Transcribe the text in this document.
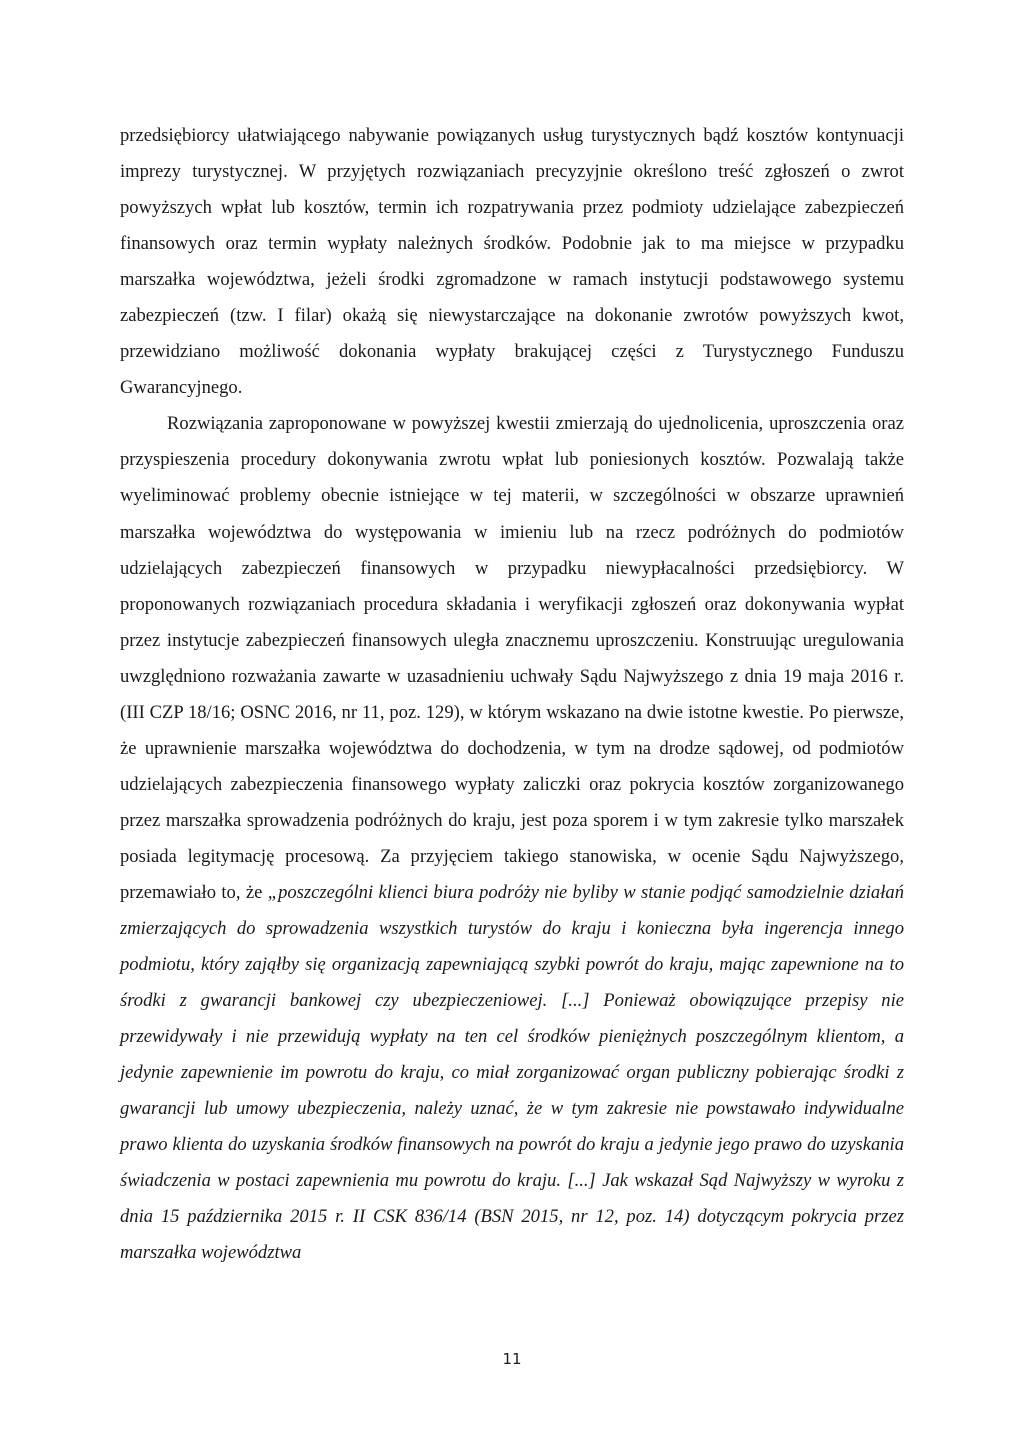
przedsiębiorcy ułatwiającego nabywanie powiązanych usług turystycznych bądź kosztów kontynuacji imprezy turystycznej. W przyjętych rozwiązaniach precyzyjnie określono treść zgłoszeń o zwrot powyższych wpłat lub kosztów, termin ich rozpatrywania przez podmioty udzielające zabezpieczeń finansowych oraz termin wypłaty należnych środków. Podobnie jak to ma miejsce w przypadku marszałka województwa, jeżeli środki zgromadzone w ramach instytucji podstawowego systemu zabezpieczeń (tzw. I filar) okażą się niewystarczające na dokonanie zwrotów powyższych kwot, przewidziano możliwość dokonania wypłaty brakującej części z Turystycznego Funduszu Gwarancyjnego.

Rozwiązania zaproponowane w powyższej kwestii zmierzają do ujednolicenia, uproszczenia oraz przyspieszenia procedury dokonywania zwrotu wpłat lub poniesionych kosztów. Pozwalają także wyeliminować problemy obecnie istniejące w tej materii, w szczególności w obszarze uprawnień marszałka województwa do występowania w imieniu lub na rzecz podróżnych do podmiotów udzielających zabezpieczeń finansowych w przypadku niewypłacalności przedsiębiorcy. W proponowanych rozwiązaniach procedura składania i weryfikacji zgłoszeń oraz dokonywania wypłat przez instytucje zabezpieczeń finansowych uległa znacznemu uproszczeniu. Konstruując uregulowania uwzględniono rozważania zawarte w uzasadnieniu uchwały Sądu Najwyższego z dnia 19 maja 2016 r. (III CZP 18/16; OSNC 2016, nr 11, poz. 129), w którym wskazano na dwie istotne kwestie. Po pierwsze, że uprawnienie marszałka województwa do dochodzenia, w tym na drodze sądowej, od podmiotów udzielających zabezpieczenia finansowego wypłaty zaliczki oraz pokrycia kosztów zorganizowanego przez marszałka sprowadzenia podróżnych do kraju, jest poza sporem i w tym zakresie tylko marszałek posiada legitymację procesową. Za przyjęciem takiego stanowiska, w ocenie Sądu Najwyższego, przemawiało to, że „poszczególni klienci biura podróży nie byliby w stanie podjąć samodzielnie działań zmierzających do sprowadzenia wszystkich turystów do kraju i konieczna była ingerencja innego podmiotu, który zająłby się organizacją zapewniającą szybki powrót do kraju, mając zapewnione na to środki z gwarancji bankowej czy ubezpieczeniowej. [...] Ponieważ obowiązujące przepisy nie przewidywały i nie przewidują wypłaty na ten cel środków pieniężnych poszczególnym klientom, a jedynie zapewnienie im powrotu do kraju, co miał zorganizować organ publiczny pobierając środki z gwarancji lub umowy ubezpieczenia, należy uznać, że w tym zakresie nie powstawało indywidualne prawo klienta do uzyskania środków finansowych na powrót do kraju a jedynie jego prawo do uzyskania świadczenia w postaci zapewnienia mu powrotu do kraju. [...] Jak wskazał Sąd Najwyższy w wyroku z dnia 15 października 2015 r. II CSK 836/14 (BSN 2015, nr 12, poz. 14) dotyczącym pokrycia przez marszałka województwa

11
